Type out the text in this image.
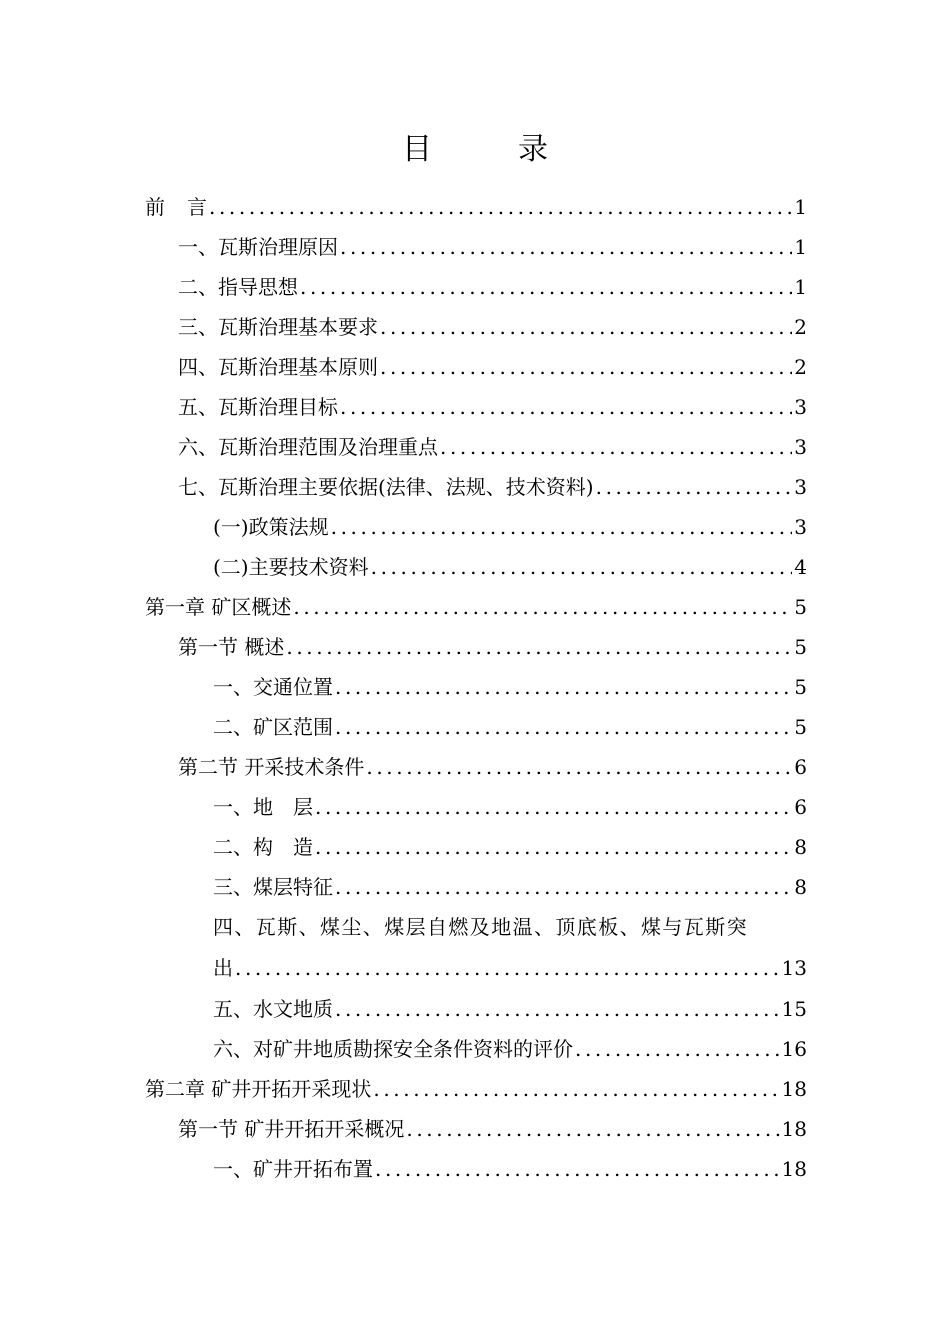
目　录
前 言 .....	1
一、瓦斯治理原因 .....	1
二、指导思想 .....	1
三、瓦斯治理基本要求 .....	2
四、瓦斯治理基本原则 .....	2
五、瓦斯治理目标 .....	3
六、瓦斯治理范围及治理重点 .....	3
七、瓦斯治理主要依据(法律、法规、技术资料) .....	3
(一)政策法规 .....	3
(二)主要技术资料 .....	4
第一章 矿区概述 .....	5
第一节 概述 .....	5
一、交通位置 .....	5
二、矿区范围 .....	5
第二节 开采技术条件 .....	6
一、地　层 .....	6
二、构　造 .....	8
三、煤层特征 .....	8
四、瓦斯、煤尘、煤层自燃及地温、顶底板、煤与瓦斯突
出 .....	13
五、水文地质 .....	15
六、对矿井地质勘探安全条件资料的评价 .....	16
第二章 矿井开拓开采现状 .....	18
第一节 矿井开拓开采概况 .....	18
一、矿井开拓布置 .....	18
